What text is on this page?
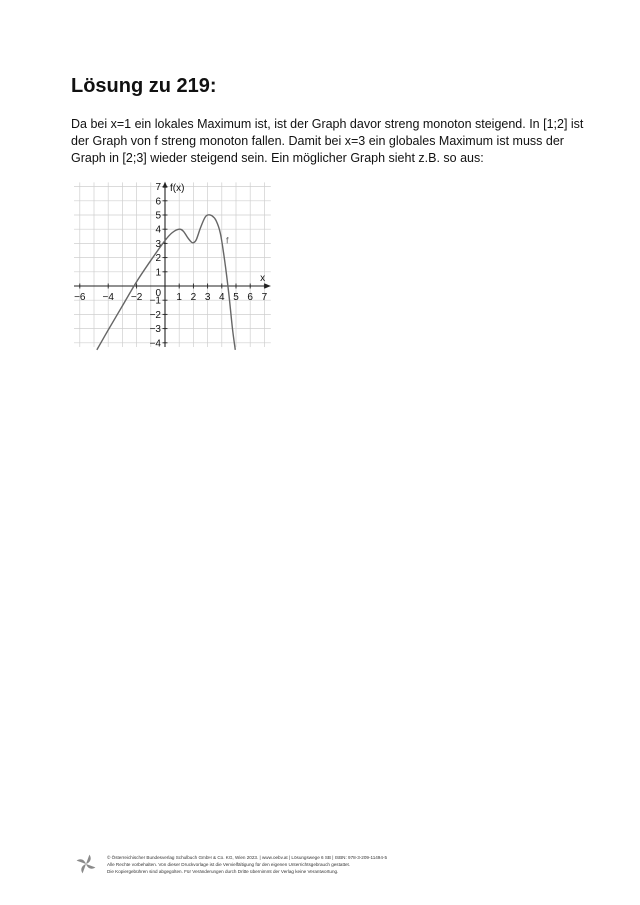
Lösung zu 219:

Da bei x=1 ein lokales Maximum ist, ist der Graph davor streng monoton steigend. In [1;2] ist der Graph von f streng monoton fallen. Damit bei x=3 ein globales Maximum ist muss der Graph in [2;3] wieder steigend sein. Ein möglicher Graph sieht z.B. so aus:

−6 −4 −2	1 2 3 4 5 6 7
7
6
5
4
3
2
1
−1
−2
−3
−4
f
x
f(x)
0
© Österreichischer Bundesverlag Schulbuch GmbH & Co. KG, Wien 2023. | www.oebv.at | Lösungswege 6 SB | ISBN: 978-3-209-11494-5
Alle Rechte vorbehalten. Von dieser Druckvorlage ist die Vervielfältigung für den eigenen Unterrichtsgebrauch gestattet.
Die Kopiergebühren sind abgegolten. Für Veränderungen durch Dritte übernimmt der Verlag keine Verantwortung.
